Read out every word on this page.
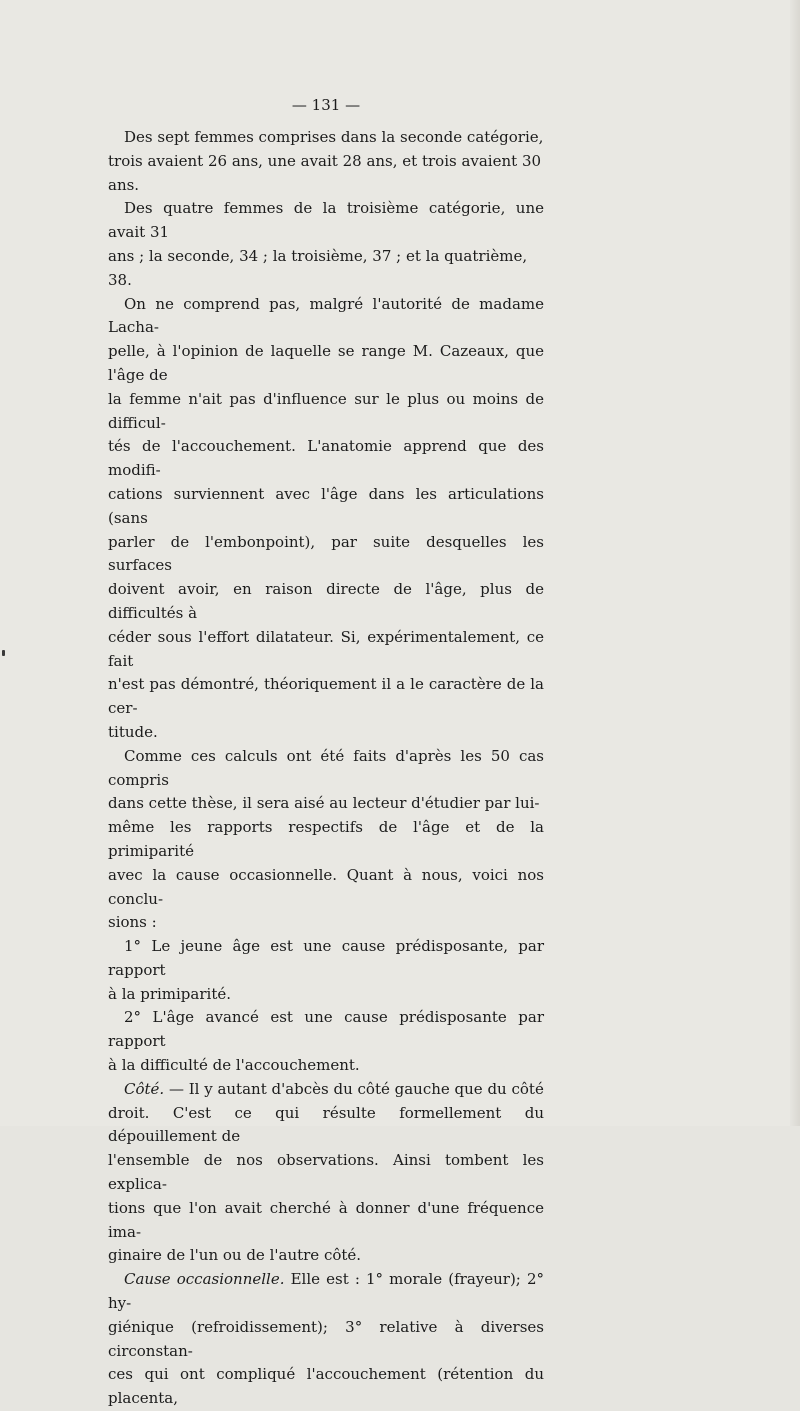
— 131 —

Des sept femmes comprises dans la seconde catégorie,

trois avaient 26 ans, une avait 28 ans, et trois avaient 30 ans.

Des quatre femmes de la troisième catégorie, une avait 31

ans ; la seconde, 34 ; la troisième, 37 ; et la quatrième, 38.

On ne comprend pas, malgré l'autorité de madame Lacha-

pelle, à l'opinion de laquelle se range M. Cazeaux, que l'âge de

la femme n'ait pas d'influence sur le plus ou moins de difficul-

tés de l'accouchement. L'anatomie apprend que des modifi-

cations surviennent avec l'âge dans les articulations (sans

parler de l'embonpoint), par suite desquelles les surfaces

doivent avoir, en raison directe de l'âge, plus de difficultés à

céder sous l'effort dilatateur. Si, expérimentalement, ce fait

n'est pas démontré, théoriquement il a le caractère de la cer-

titude.

Comme ces calculs ont été faits d'après les 50 cas compris

dans cette thèse, il sera aisé au lecteur d'étudier par lui-

même les rapports respectifs de l'âge et de la primiparité

avec la cause occasionnelle. Quant à nous, voici nos conclu-

sions :

1° Le jeune âge est une cause prédisposante, par rapport

à la primiparité.

2° L'âge avancé est une cause prédisposante par rapport

à la difficulté de l'accouchement.

Côté. — Il y autant d'abcès du côté gauche que du côté

droit. C'est ce qui résulte formellement du dépouillement de

l'ensemble de nos observations. Ainsi tombent les explica-

tions que l'on avait cherché à donner d'une fréquence ima-

ginaire de l'un ou de l'autre côté.

Cause occasionnelle. Elle est : 1° morale (frayeur); 2° hy-

giénique (refroidissement); 3° relative à diverses circonstan-

ces qui ont compliqué l'accouchement (rétention du placenta,
